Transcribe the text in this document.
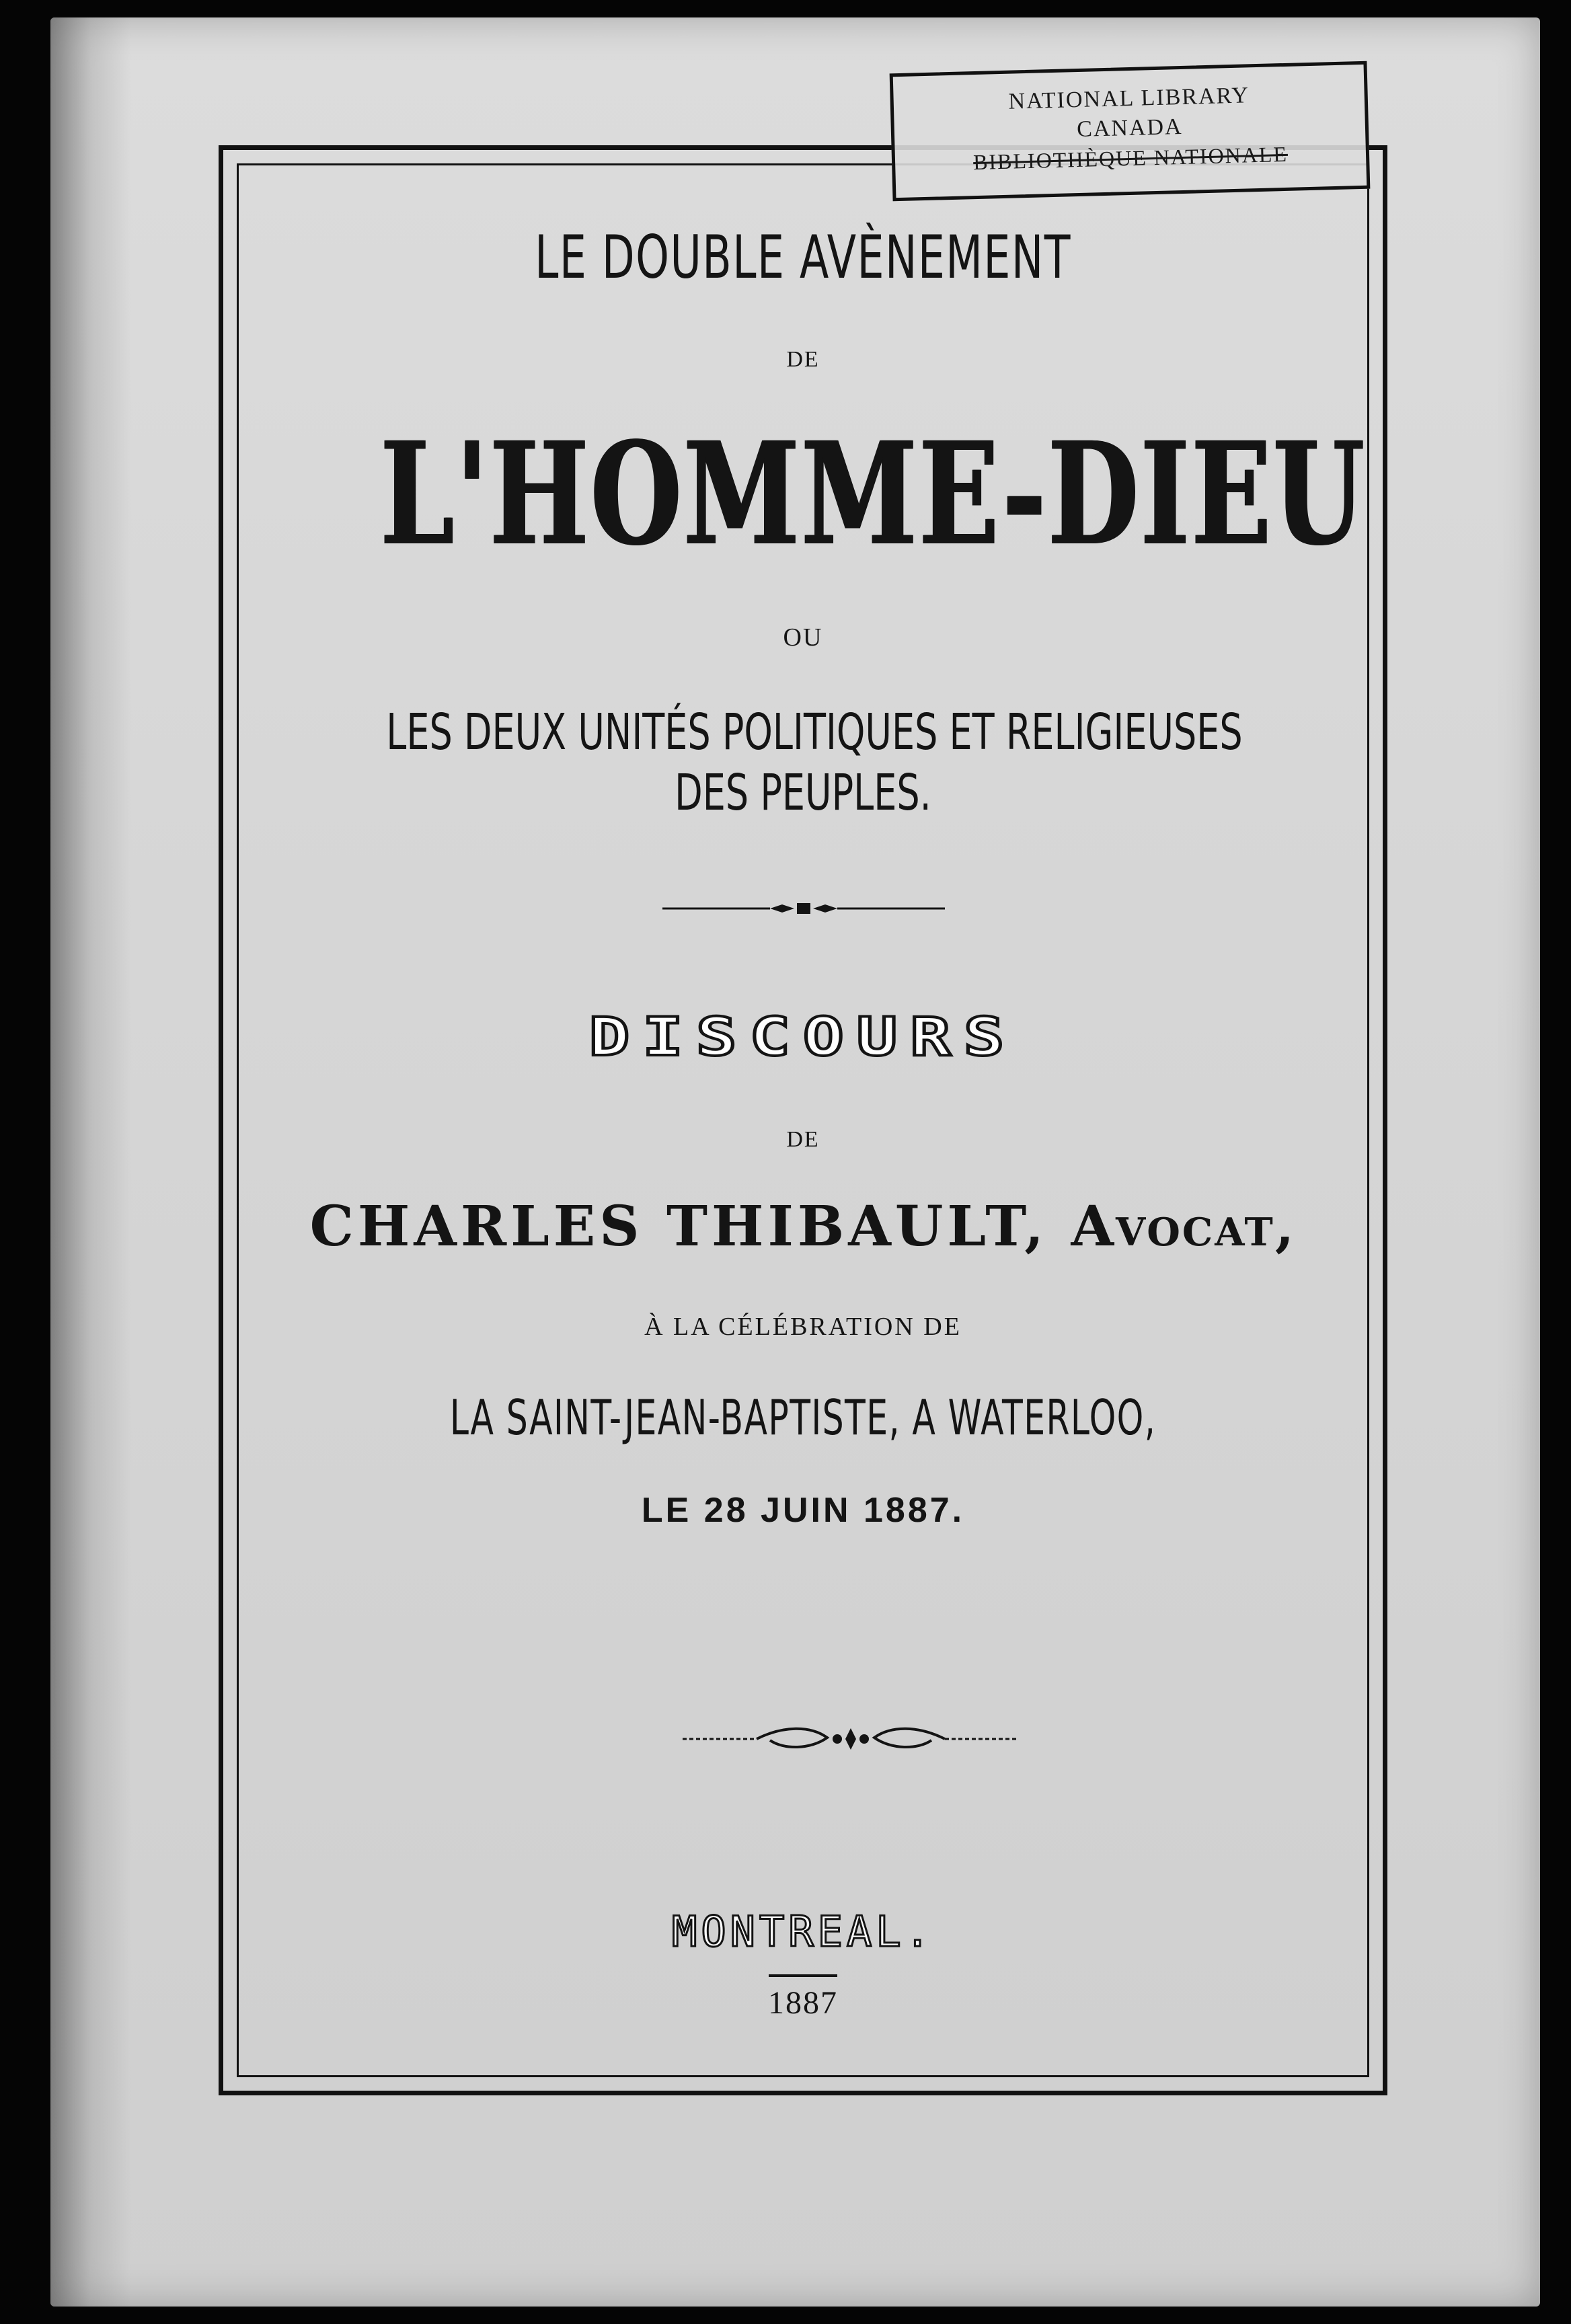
NATIONAL LIBRARY
CANADA
BIBLIOTHÈQUE NATIONALE
LE DOUBLE AVÈNEMENT
DE
L'HOMME-DIEU
OU
LES DEUX UNITÉS POLITIQUES ET RELIGIEUSES
DES PEUPLES.
DISCOURS
DE
CHARLES THIBAULT, Avocat,
À LA CÉLÉBRATION DE
LA SAINT-JEAN-BAPTISTE, A WATERLOO,
LE 28 JUIN 1887.
MONTREAL.
1887
